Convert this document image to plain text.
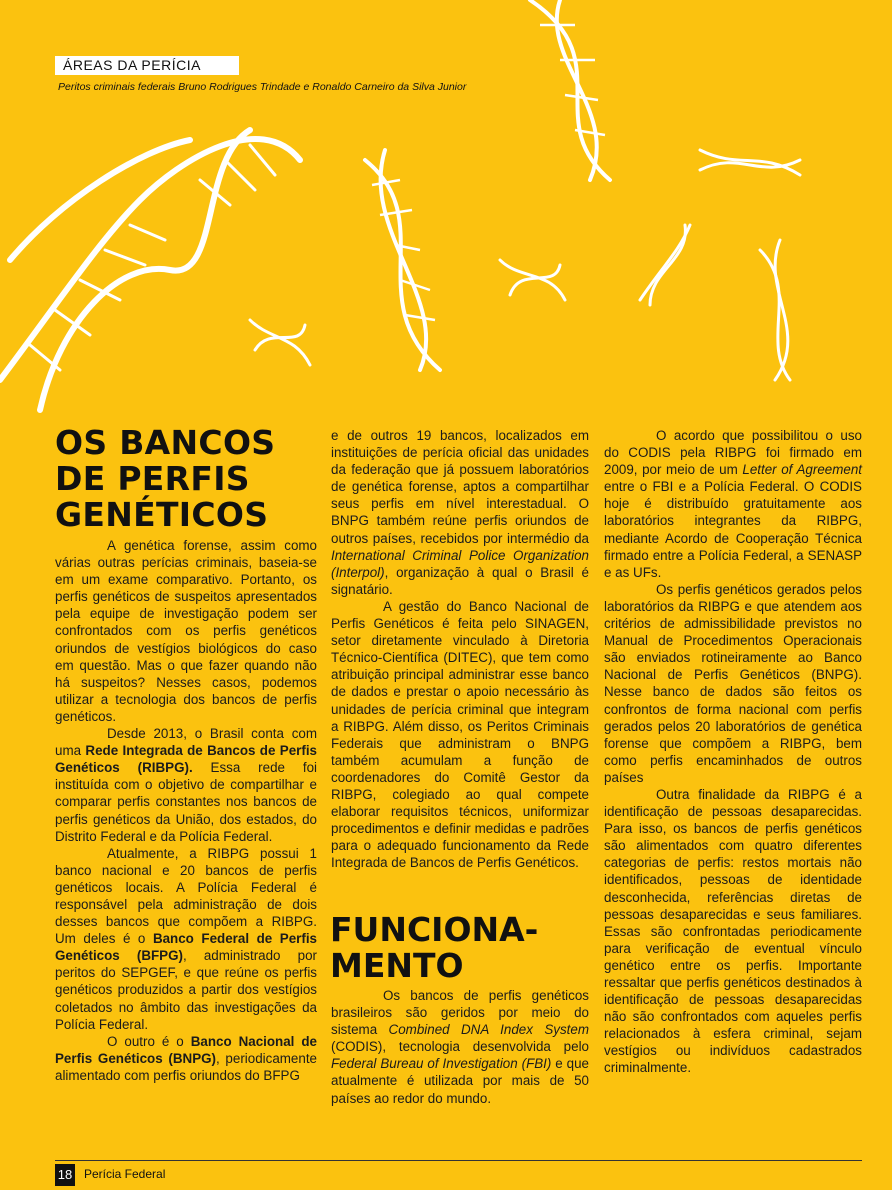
ÁREAS DA PERÍCIA
Peritos criminais federais Bruno Rodrigues Trindade e Ronaldo Carneiro da Silva Junior
OS BANCOS
DE PERFIS
GENÉTICOS

A genética forense, assim como várias outras perícias criminais, baseia-se em um exame comparativo. Portanto, os perfis genéticos de suspeitos apresentados pela equipe de investigação podem ser confrontados com os perfis genéticos oriundos de vestígios biológicos do caso em questão. Mas o que fazer quando não há suspeitos? Nesses casos, podemos utilizar a tecnologia dos bancos de perfis genéticos.

Desde 2013, o Brasil conta com uma Rede Integrada de Bancos de Perfis Genéticos (RIBPG). Essa rede foi instituída com o objetivo de compartilhar e comparar perfis constantes nos bancos de perfis genéticos da União, dos estados, do Distrito Federal e da Polícia Federal.

Atualmente, a RIBPG possui 1 banco nacional e 20 bancos de perfis genéticos locais. A Polícia Federal é responsável pela administração de dois desses bancos que compõem a RIBPG. Um deles é o Banco Federal de Perfis Genéticos (BFPG), administrado por peritos do SEPGEF, e que reúne os perfis genéticos produzidos a partir dos vestígios coletados no âmbito das investigações da Polícia Federal.

O outro é o Banco Nacional de Perfis Genéticos (BNPG), periodicamente alimentado com perfis oriundos do BFPG

e de outros 19 bancos, localizados em instituições de perícia oficial das unidades da federação que já possuem laboratórios de genética forense, aptos a compartilhar seus perfis em nível interestadual. O BNPG também reúne perfis oriundos de outros países, recebidos por intermédio da International Criminal Police Organization (Interpol), organização à qual o Brasil é signatário.

A gestão do Banco Nacional de Perfis Genéticos é feita pelo SINAGEN, setor diretamente vinculado à Diretoria Técnico-Científica (DITEC), que tem como atribuição principal administrar esse banco de dados e prestar o apoio necessário às unidades de perícia criminal que integram a RIBPG. Além disso, os Peritos Criminais Federais que administram o BNPG também acumulam a função de coordenadores do Comitê Gestor da RIBPG, colegiado ao qual compete elaborar requisitos técnicos, uniformizar procedimentos e definir medidas e padrões para o adequado funcionamento da Rede Integrada de Bancos de Perfis Genéticos.

FUNCIONA-
MENTO

Os bancos de perfis genéticos brasileiros são geridos por meio do sistema Combined DNA Index System (CODIS), tecnologia desenvolvida pelo Federal Bureau of Investigation (FBI) e que atualmente é utilizada por mais de 50 países ao redor do mundo.

O acordo que possibilitou o uso do CODIS pela RIBPG foi firmado em 2009, por meio de um Letter of Agreement entre o FBI e a Polícia Federal. O CODIS hoje é distribuído gratuitamente aos laboratórios integrantes da RIBPG, mediante Acordo de Cooperação Técnica firmado entre a Polícia Federal, a SENASP e as UFs.

Os perfis genéticos gerados pelos laboratórios da RIBPG e que atendem aos critérios de admissibilidade previstos no Manual de Procedimentos Operacionais são enviados rotineiramente ao Banco Nacional de Perfis Genéticos (BNPG). Nesse banco de dados são feitos os confrontos de forma nacional com perfis gerados pelos 20 laboratórios de genética forense que compõem a RIBPG, bem como perfis encaminhados de outros países

Outra finalidade da RIBPG é a identificação de pessoas desaparecidas. Para isso, os bancos de perfis genéticos são alimentados com quatro diferentes categorias de perfis: restos mortais não identificados, pessoas de identidade desconhecida, referências diretas de pessoas desaparecidas e seus familiares. Essas são confrontadas periodicamente para verificação de eventual vínculo genético entre os perfis. Importante ressaltar que perfis genéticos destinados à identificação de pessoas desaparecidas não são confrontados com aqueles perfis relacionados à esfera criminal, sejam vestígios ou indivíduos cadastrados criminalmente.

18 Perícia Federal
